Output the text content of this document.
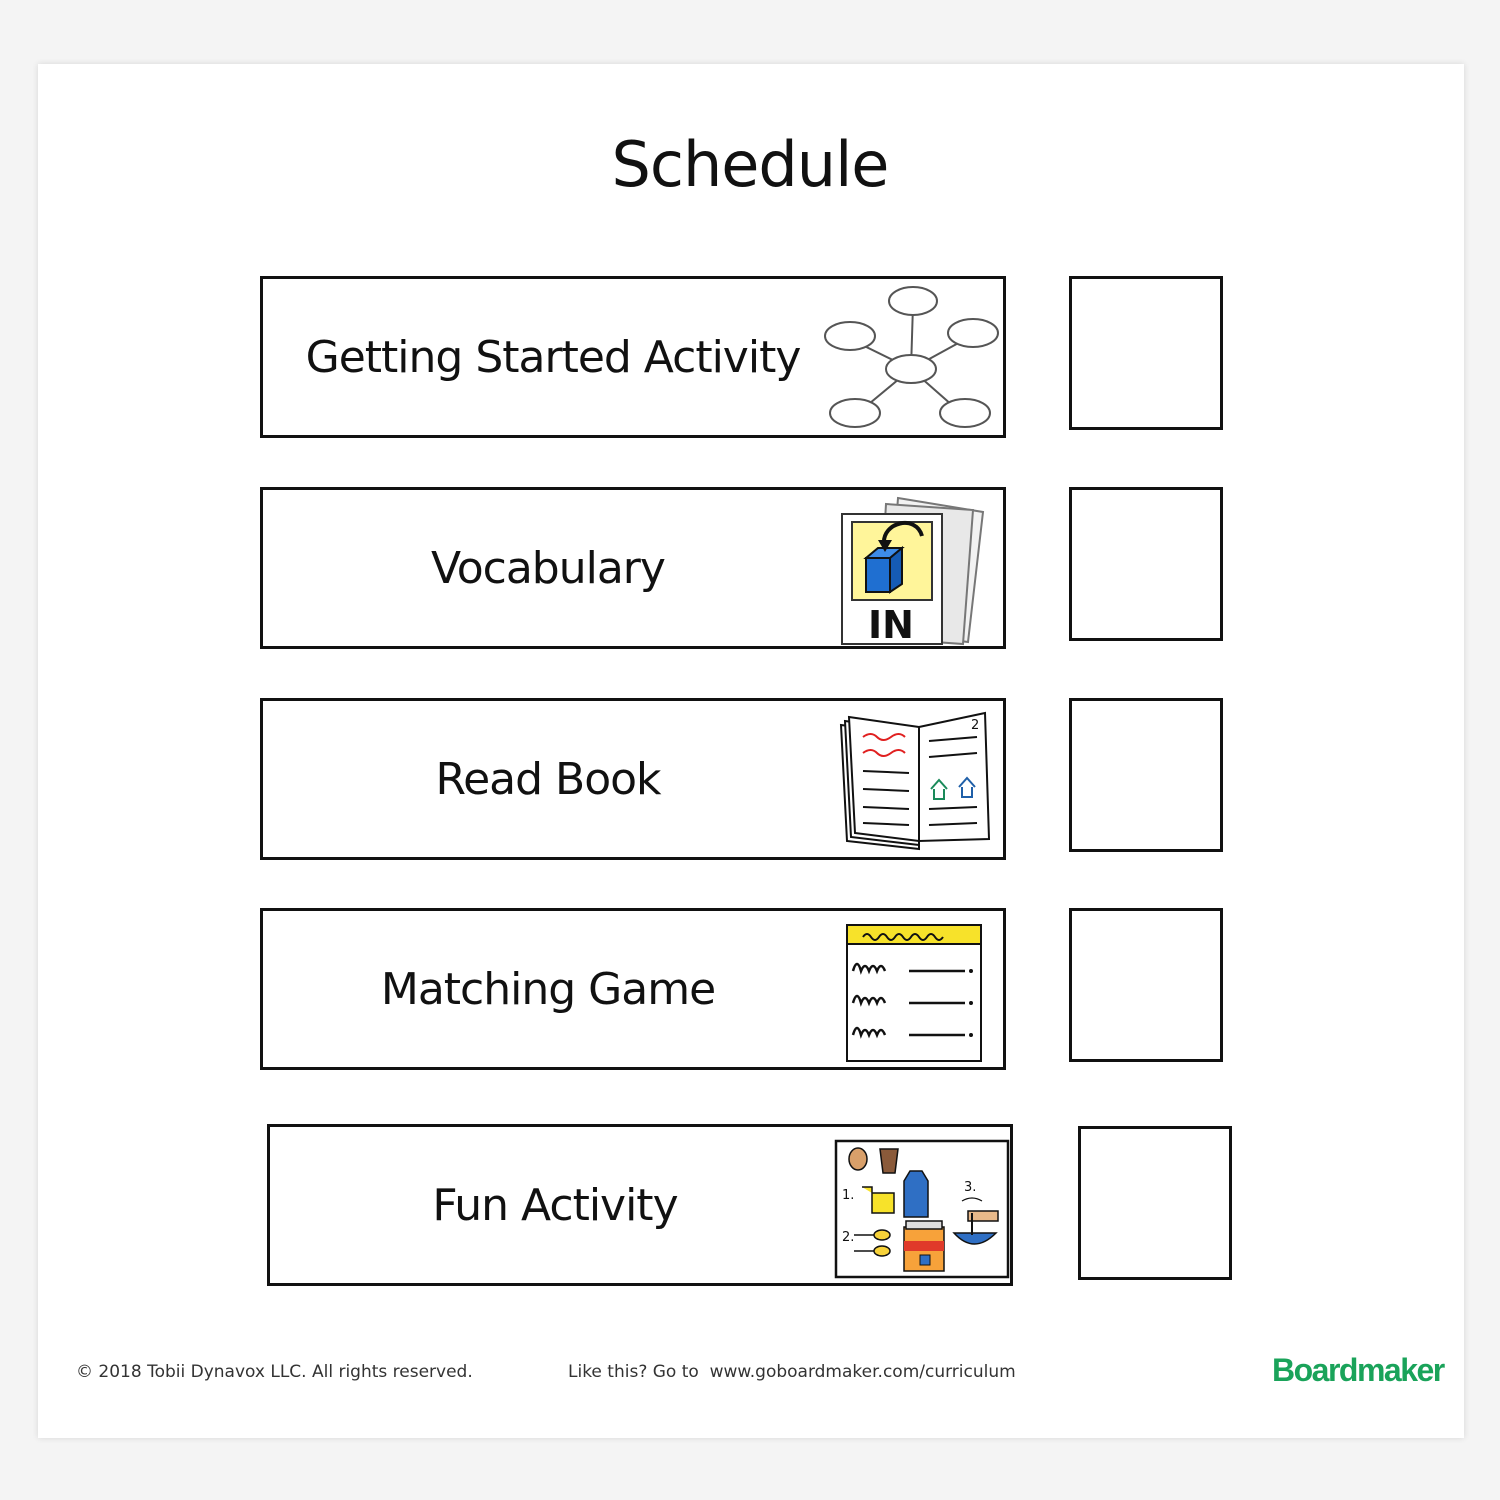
Schedule
Getting Started Activity
Vocabulary
IN
Read Book
2
Matching Game
Fun Activity	1.
2.
3.
© 2018 Tobii Dynavox LLC. All rights reserved.	Like this? Go to  www.goboardmaker.com/curriculum	Boardmaker
